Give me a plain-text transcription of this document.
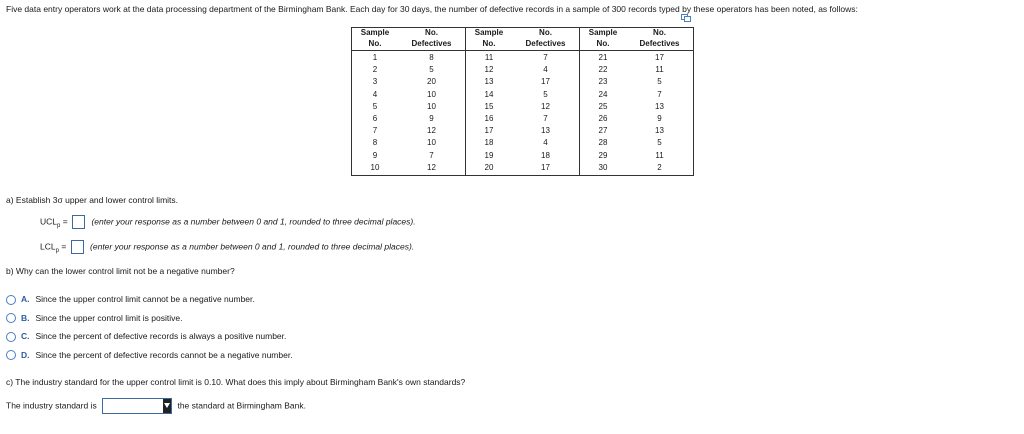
Five data entry operators work at the data processing department of the Birmingham Bank. Each day for 30 days, the number of defective records in a sample of 300 records typed by these operators has been noted, as follows:
Sample	No.	Sample	No.	Sample	No.
No.	Defectives	No.	Defectives	No.	Defectives
1	8	11	7	21	17
2	5	12	4	22	11
3	20	13	17	23	5
4	10	14	5	24	7
5	10	15	12	25	13
6	9	16	7	26	9
7	12	17	13	27	13
8	10	18	4	28	5
9	7	19	18	29	11
10	12	20	17	30	2
a) Establish 3σ upper and lower control limits.
$UCL_p$ =	(enter your response as a number between 0 and 1, rounded to three decimal places).
$LCL_p$ =	(enter your response as a number between 0 and 1, rounded to three decimal places).
b) Why can the lower control limit not be a negative number?
A. Since the upper control limit cannot be a negative number.
B. Since the upper control limit is positive.
C. Since the percent of defective records is always a positive number.
D. Since the percent of defective records cannot be a negative number.
c) The industry standard for the upper control limit is 0.10. What does this imply about Birmingham Bank's own standards?
The industry standard is	the standard at Birmingham Bank.
